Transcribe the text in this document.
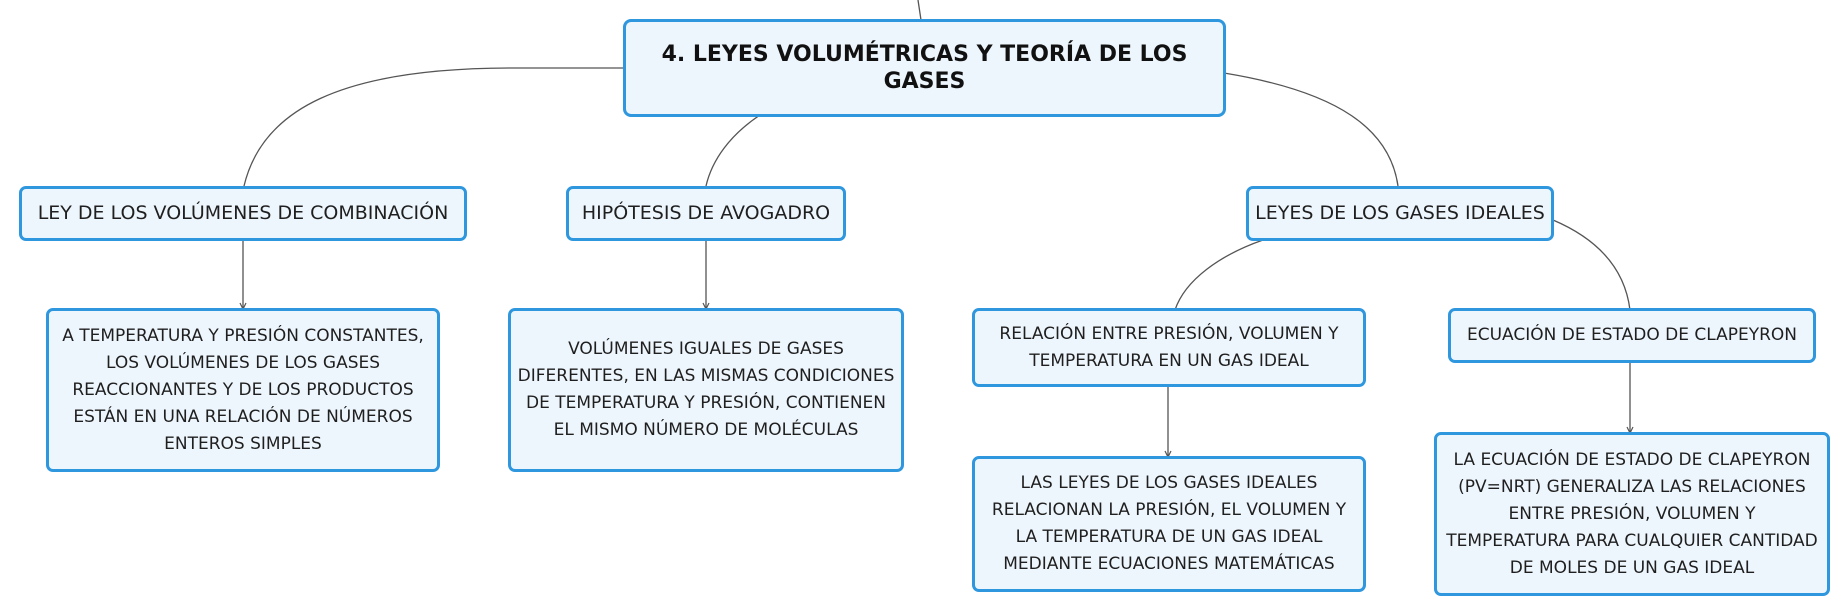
4. LEYES VOLUMÉTRICAS Y TEORÍA DE LOS GASES
LEY DE LOS VOLÚMENES DE COMBINACIÓN
A TEMPERATURA Y PRESIÓN CONSTANTES, LOS VOLÚMENES DE LOS GASES REACCIONANTES Y DE LOS PRODUCTOS ESTÁN EN UNA RELACIÓN DE NÚMEROS ENTEROS SIMPLES
HIPÓTESIS DE AVOGADRO
VOLÚMENES IGUALES DE GASES DIFERENTES, EN LAS MISMAS CONDICIONES DE TEMPERATURA Y PRESIÓN, CONTIENEN EL MISMO NÚMERO DE MOLÉCULAS
LEYES DE LOS GASES IDEALES
RELACIÓN ENTRE PRESIÓN, VOLUMEN Y TEMPERATURA EN UN GAS IDEAL
LAS LEYES DE LOS GASES IDEALES RELACIONAN LA PRESIÓN, EL VOLUMEN Y LA TEMPERATURA DE UN GAS IDEAL MEDIANTE ECUACIONES MATEMÁTICAS
ECUACIÓN DE ESTADO DE CLAPEYRON
LA ECUACIÓN DE ESTADO DE CLAPEYRON (PV=NRT) GENERALIZA LAS RELACIONES ENTRE PRESIÓN, VOLUMEN Y TEMPERATURA PARA CUALQUIER CANTIDAD DE MOLES DE UN GAS IDEAL
